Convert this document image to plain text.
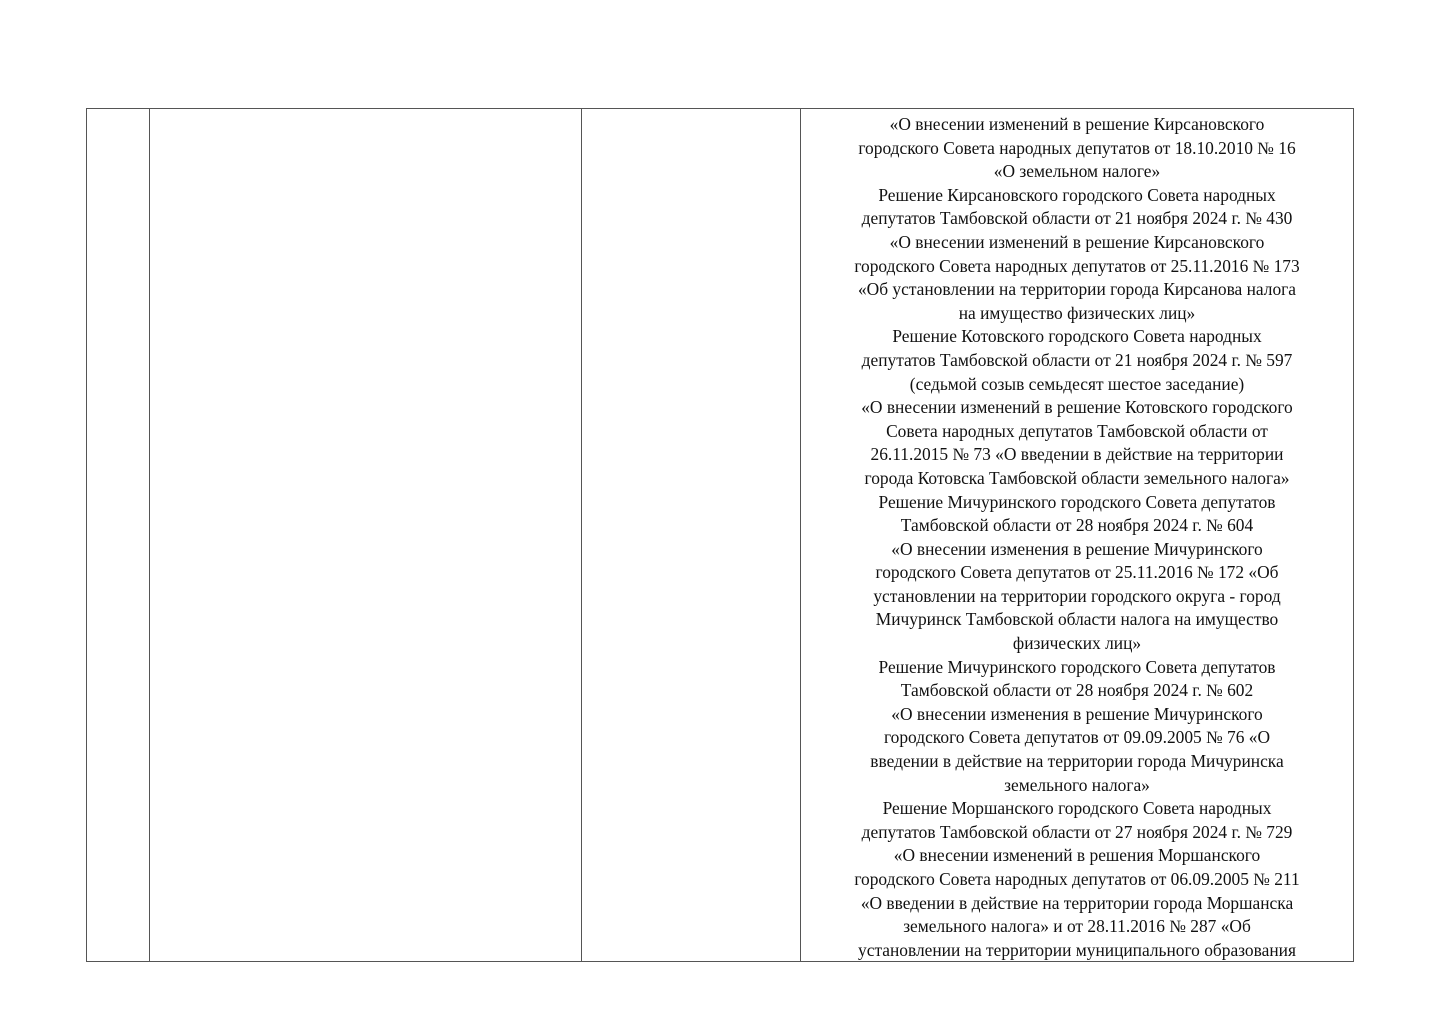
«О внесении изменений в решение Кирсановского
городского Совета народных депутатов от 18.10.2010 № 16
«О земельном налоге»
Решение Кирсановского городского Совета народных
депутатов Тамбовской области от 21 ноября 2024 г. № 430
«О внесении изменений в решение Кирсановского
городского Совета народных депутатов от 25.11.2016 № 173
«Об установлении на территории города Кирсанова налога
на имущество физических лиц»
Решение Котовского городского Совета народных
депутатов Тамбовской области от 21 ноября 2024 г. № 597
(седьмой созыв семьдесят шестое заседание)
«О внесении изменений в решение Котовского городского
Совета народных депутатов Тамбовской области от
26.11.2015 № 73 «О введении в действие на территории
города Котовска Тамбовской области земельного налога»
Решение Мичуринского городского Совета депутатов
Тамбовской области от 28 ноября 2024 г. № 604
«О внесении изменения в решение Мичуринского
городского Совета депутатов от 25.11.2016 № 172 «Об
установлении на территории городского округа - город
Мичуринск Тамбовской области налога на имущество
физических лиц»
Решение Мичуринского городского Совета депутатов
Тамбовской области от 28 ноября 2024 г. № 602
«О внесении изменения в решение Мичуринского
городского Совета депутатов от 09.09.2005 № 76 «О
введении в действие на территории города Мичуринска
земельного налога»
Решение Моршанского городского Совета народных
депутатов Тамбовской области от 27 ноября 2024 г. № 729
«О внесении изменений в решения Моршанского
городского Совета народных депутатов от 06.09.2005 № 211
«О введении в действие на территории города Моршанска
земельного налога» и от 28.11.2016 № 287 «Об
установлении на территории муниципального образования
